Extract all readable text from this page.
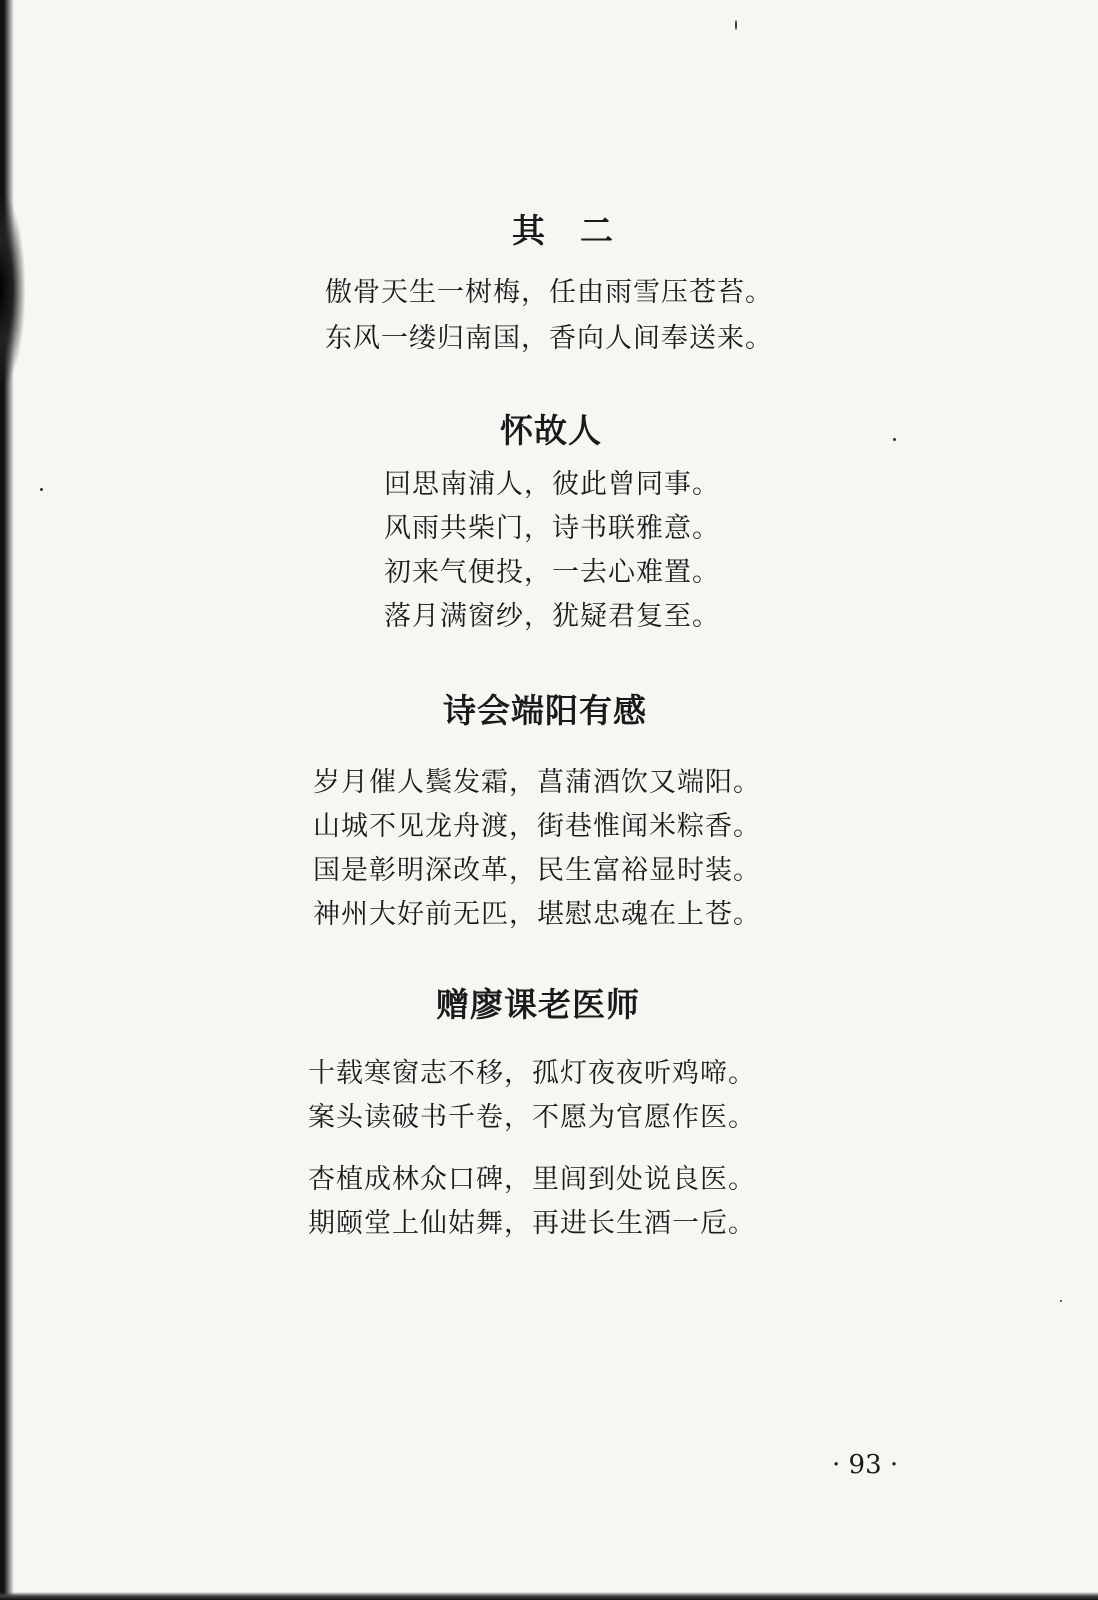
其　二
傲骨天生一树梅，任由雨雪压苍苔。
东风一缕归南国，香向人间奉送来。
怀故人
回思南浦人，彼此曾同事。
风雨共柴门，诗书联雅意。
初来气便投，一去心难置。
落月满窗纱，犹疑君复至。
诗会端阳有感
岁月催人鬓发霜，菖蒲酒饮又端阳。
山城不见龙舟渡，街巷惟闻米粽香。
国是彰明深改革，民生富裕显时装。
神州大好前无匹，堪慰忠魂在上苍。
赠廖课老医师
十载寒窗志不移，孤灯夜夜听鸡啼。
案头读破书千卷，不愿为官愿作医。
杏植成林众口碑，里闾到处说良医。
期颐堂上仙姑舞，再进长生酒一卮。
· 93 ·
